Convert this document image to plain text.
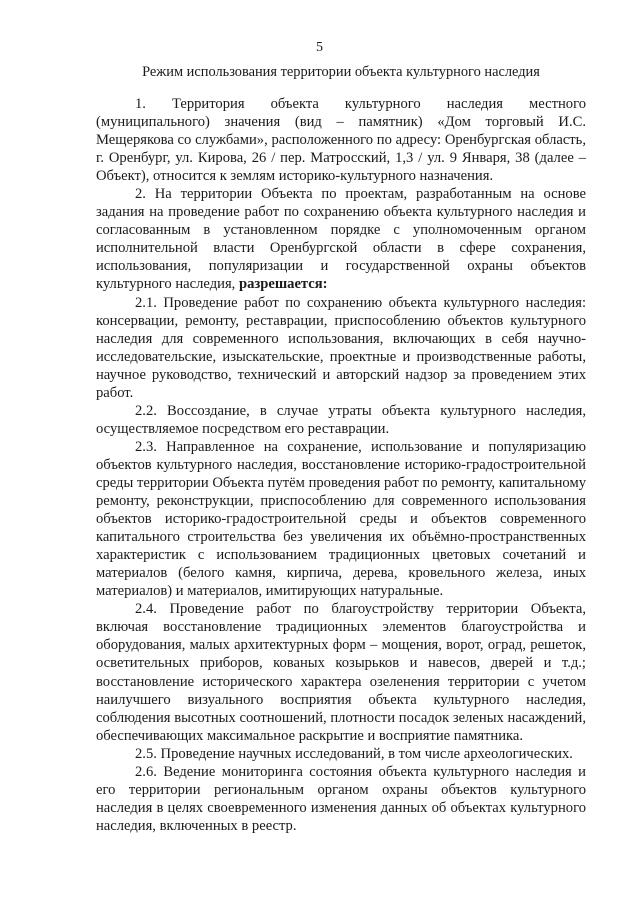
5
Режим использования территории объекта культурного наследия

1. Территория объекта культурного наследия местного (муниципального) значения (вид – памятник) «Дом торговый И.С. Мещерякова со службами», расположенного по адресу: Оренбургская область, г. Оренбург, ул. Кирова, 26 / пер. Матросский, 1,3 / ул. 9 Января, 38 (далее – Объект), относится к землям историко-культурного назначения.

2. На территории Объекта по проектам, разработанным на основе задания на проведение работ по сохранению объекта культурного наследия и согласованным в установленном порядке с уполномоченным органом исполнительной власти Оренбургской области в сфере сохранения, использования, популяризации и государственной охраны объектов культурного наследия, разрешается:

2.1. Проведение работ по сохранению объекта культурного наследия: консервации, ремонту, реставрации, приспособлению объектов культурного наследия для современного использования, включающих в себя научно-исследовательские, изыскательские, проектные и производственные работы, научное руководство, технический и авторский надзор за проведением этих работ.

2.2. Воссоздание, в случае утраты объекта культурного наследия, осуществляемое посредством его реставрации.

2.3. Направленное на сохранение, использование и популяризацию объектов культурного наследия, восстановление историко-градостроительной среды территории Объекта путём проведения работ по ремонту, капитальному ремонту, реконструкции, приспособлению для современного использования объектов историко-градостроительной среды и объектов современного капитального строительства без увеличения их объёмно-пространственных характеристик с использованием традиционных цветовых сочетаний и материалов (белого камня, кирпича, дерева, кровельного железа, иных материалов) и материалов, имитирующих натуральные.

2.4. Проведение работ по благоустройству территории Объекта, включая восстановление традиционных элементов благоустройства и оборудования, малых архитектурных форм – мощения, ворот, оград, решеток, осветительных приборов, кованых козырьков и навесов, дверей и т.д.; восстановление исторического характера озеленения территории с учетом наилучшего визуального восприятия объекта культурного наследия, соблюдения высотных соотношений, плотности посадок зеленых насаждений, обеспечивающих максимальное раскрытие и восприятие памятника.

2.5. Проведение научных исследований, в том числе археологических.

2.6. Ведение мониторинга состояния объекта культурного наследия и его территории региональным органом охраны объектов культурного наследия в целях своевременного изменения данных об объектах культурного наследия, включенных в реестр.
